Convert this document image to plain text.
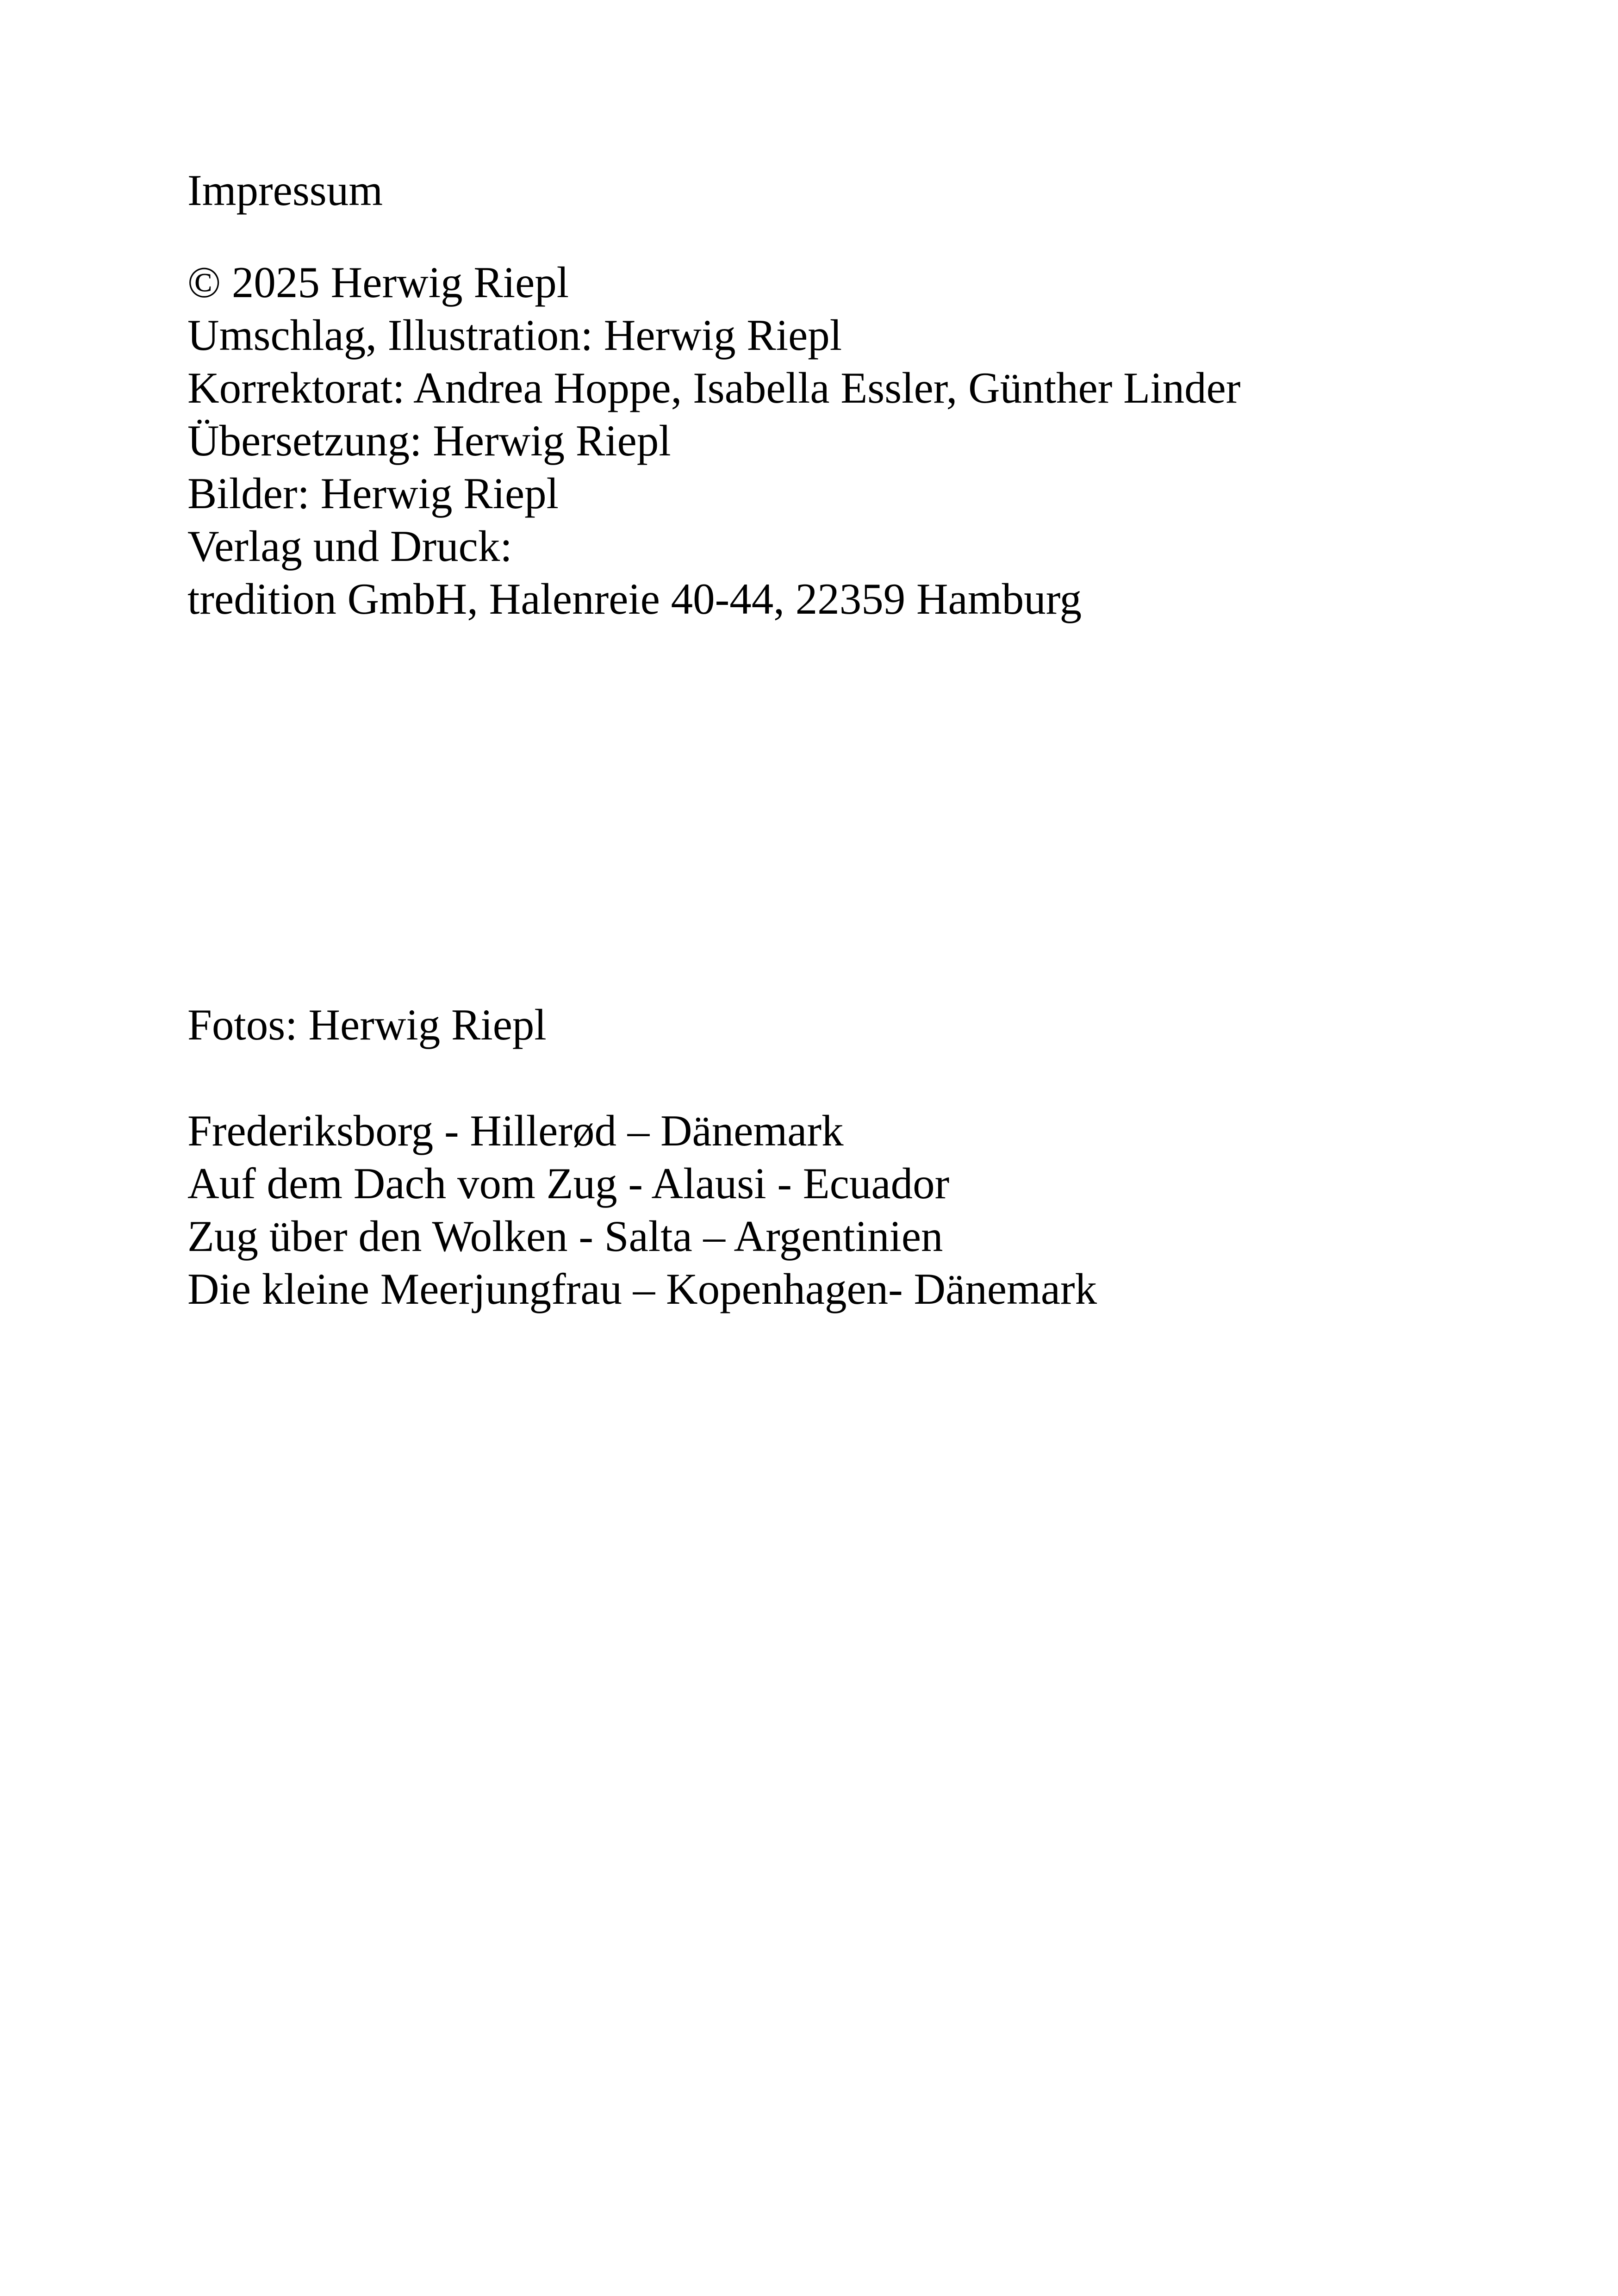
Impressum
© 2025 Herwig Riepl
Umschlag, Illustration: Herwig Riepl
Korrektorat: Andrea Hoppe, Isabella Essler, Günther Linder
Übersetzung: Herwig Riepl
Bilder: Herwig Riepl
Verlag und Druck:
tredition GmbH, Halenreie 40-44, 22359 Hamburg
Fotos: Herwig Riepl
Frederiksborg - Hillerød – Dänemark
Auf dem Dach vom Zug - Alausi - Ecuador
Zug über den Wolken - Salta – Argentinien
Die kleine Meerjungfrau – Kopenhagen- Dänemark
